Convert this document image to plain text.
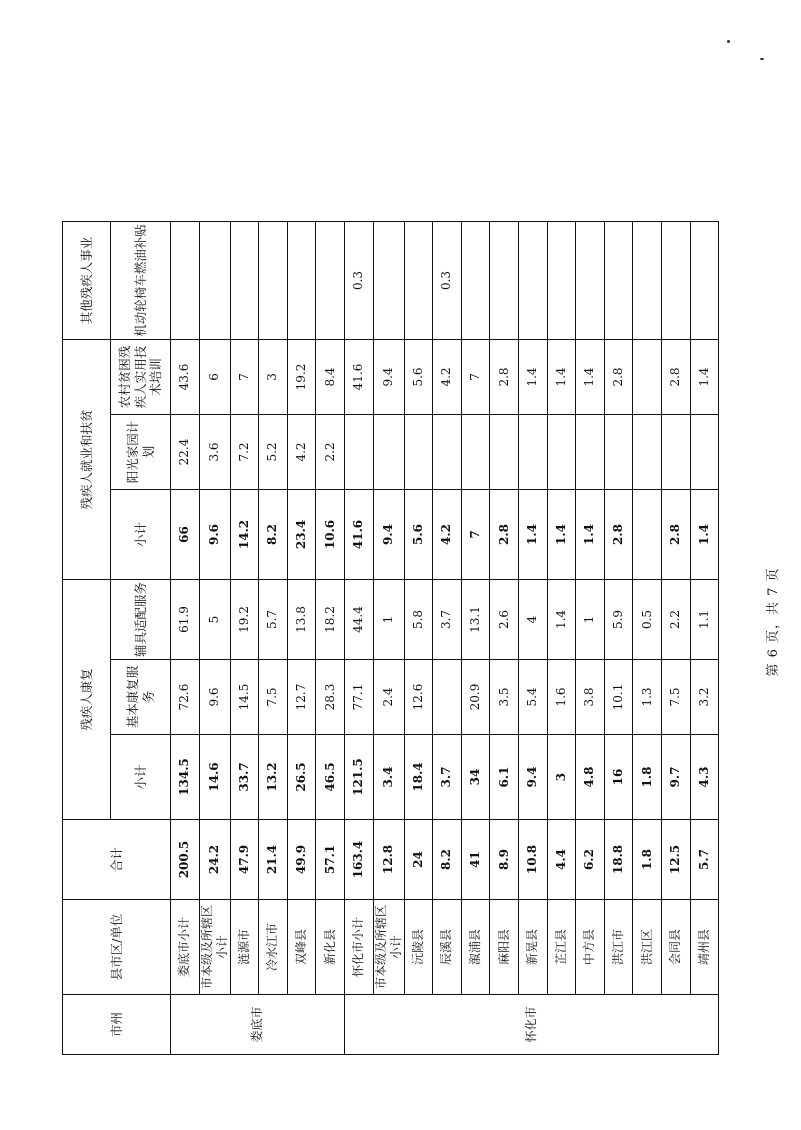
市州	县市区/单位	合计	残疾人康复			残疾人就业和扶贫			其他残疾人事业
			小计	基本康复服务	辅具适配服务	小计	阳光家园计划	农村贫困残疾人实用技术培训	机动轮椅车燃油补贴
娄底市	娄底市小计	200.5	134.5	72.6	61.9	66	22.4	43.6	
	市本级及所辖区小计	24.2	14.6	9.6	5	9.6	3.6	6	
	涟源市	47.9	33.7	14.5	19.2	14.2	7.2	7	
	冷水江市	21.4	13.2	7.5	5.7	8.2	5.2	3	
	双峰县	49.9	26.5	12.7	13.8	23.4	4.2	19.2	
	新化县	57.1	46.5	28.3	18.2	10.6	2.2	8.4	
怀化市	怀化市小计	163.4	121.5	77.1	44.4	41.6		41.6	0.3
	市本级及所辖区小计	12.8	3.4	2.4	1	9.4		9.4	
	沅陵县	24	18.4	12.6	5.8	5.6		5.6	
	辰溪县	8.2	3.7		3.7	4.2		4.2	0.3
	溆浦县	41	34	20.9	13.1	7		7	
	麻阳县	8.9	6.1	3.5	2.6	2.8		2.8	
	新晃县	10.8	9.4	5.4	4	1.4		1.4	
	芷江县	4.4	3	1.6	1.4	1.4		1.4	
	中方县	6.2	4.8	3.8	1	1.4		1.4	
	洪江市	18.8	16	10.1	5.9	2.8		2.8	
	洪江区	1.8	1.8	1.3	0.5				
	会同县	12.5	9.7	7.5	2.2	2.8		2.8	
	靖州县	5.7	4.3	3.2	1.1	1.4		1.4	
第 6 页，共 7 页
